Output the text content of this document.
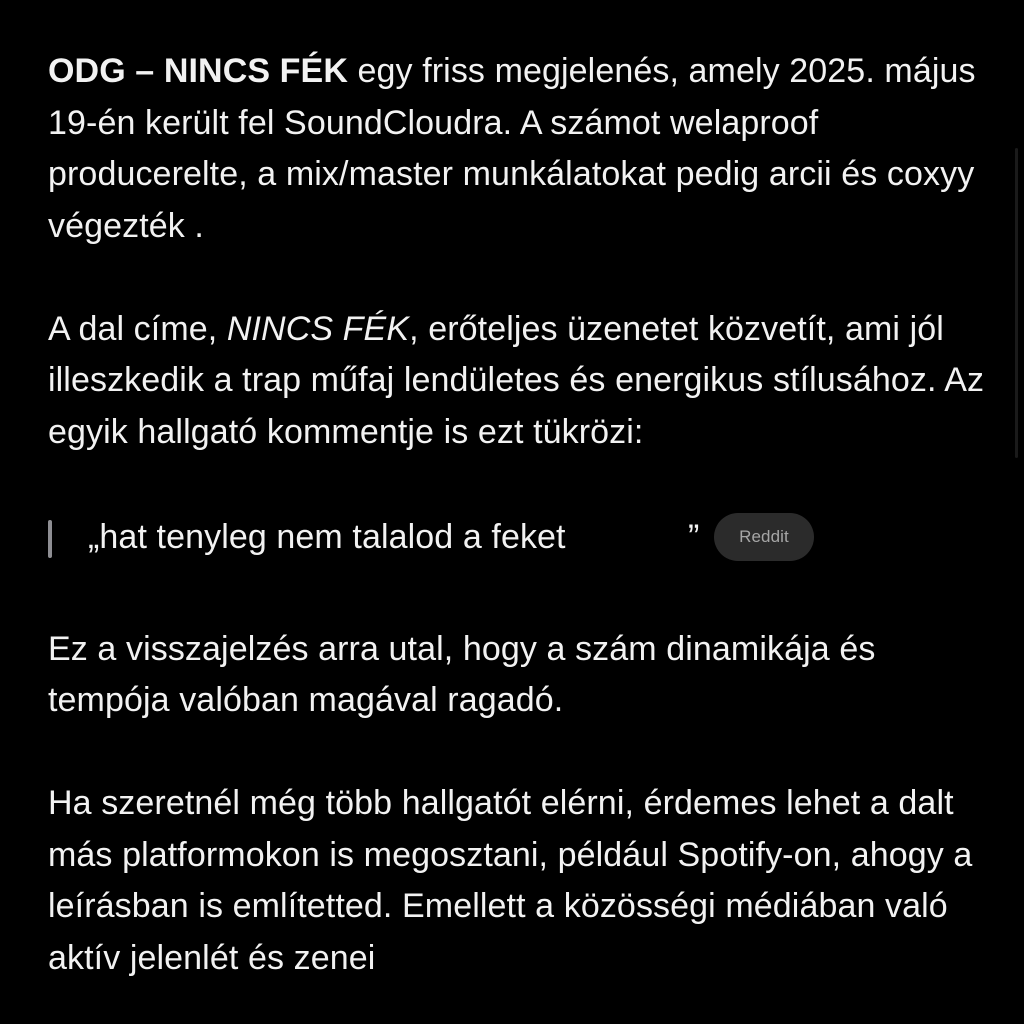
ODG – NINCS FÉK egy friss megjelenés, amely 2025. május 19-én került fel SoundCloudra. A számot welaproof producerelte, a mix/master munkálatokat pedig arcii és coxyy végezték .

A dal címe, NINCS FÉK, erőteljes üzenetet közvetít, ami jól illeszkedik a trap műfaj lendületes és energikus stílusához. Az egyik hallgató kommentje is ezt tükrözi:

„hat tenyleg nem talalod a feket	”	Reddit

Ez a visszajelzés arra utal, hogy a szám dinamikája és tempója valóban magával ragadó.

Ha szeretnél még több hallgatót elérni, érdemes lehet a dalt más platformokon is megosztani, például Spotify-on, ahogy a leírásban is említetted. Emellett a közösségi médiában való aktív jelenlét és zenei
